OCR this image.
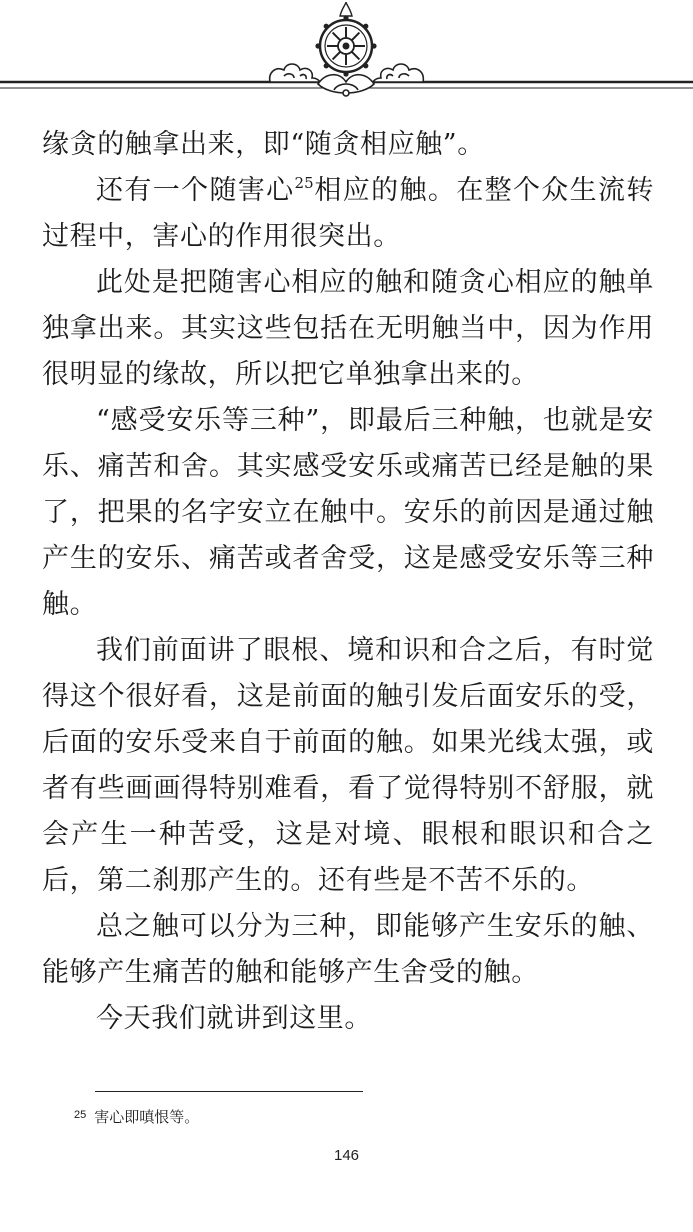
缘贪的触拿出来，即“随贪相应触”。

还有一个随害心$^{25}$相应的触。在整个众生流转过程中，害心的作用很突出。

此处是把随害心相应的触和随贪心相应的触单独拿出来。其实这些包括在无明触当中，因为作用很明显的缘故，所以把它单独拿出来的。

“感受安乐等三种”，即最后三种触，也就是安乐、痛苦和舍。其实感受安乐或痛苦已经是触的果了，把果的名字安立在触中。安乐的前因是通过触产生的安乐、痛苦或者舍受，这是感受安乐等三种触。

我们前面讲了眼根、境和识和合之后，有时觉得这个很好看，这是前面的触引发后面安乐的受，后面的安乐受来自于前面的触。如果光线太强，或者有些画画得特别难看，看了觉得特别不舒服，就会产生一种苦受，这是对境、眼根和眼识和合之后，第二刹那产生的。还有些是不苦不乐的。

总之触可以分为三种，即能够产生安乐的触、能够产生痛苦的触和能够产生舍受的触。

今天我们就讲到这里。

$^{25}$ 害心即嗔恨等。
146
